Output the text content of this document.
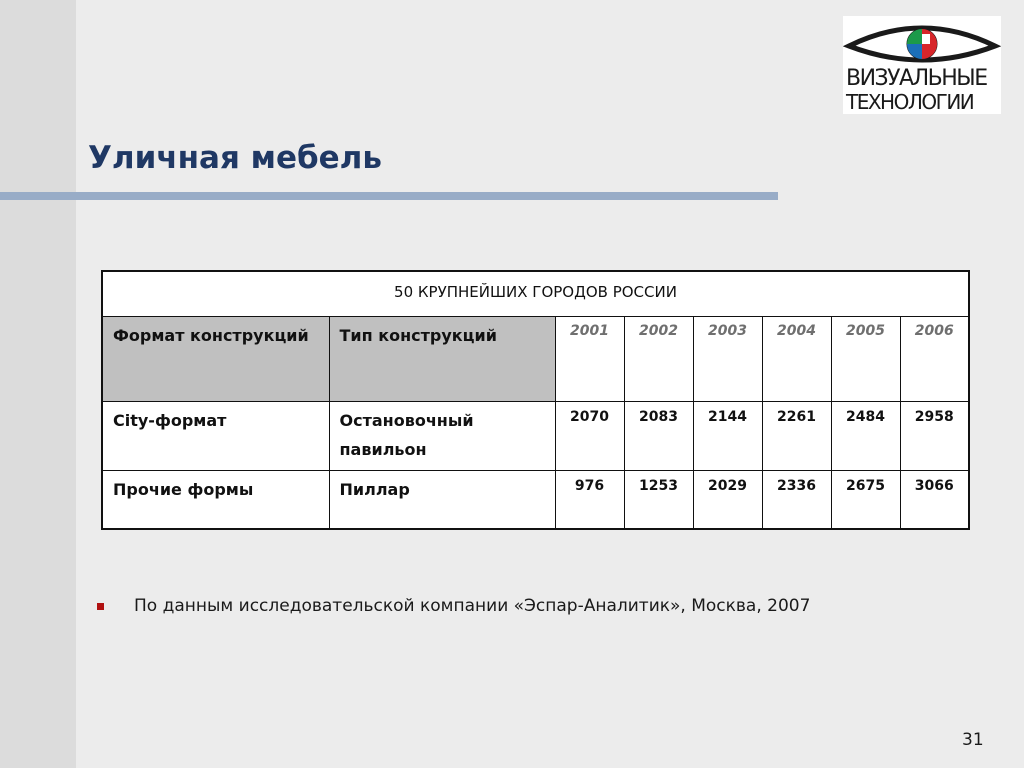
Уличная мебель
ВИЗУАЛЬНЫЕ
ТЕХНОЛОГИИ
50 КРУПНЕЙШИХ ГОРОДОВ РОССИИ							
Формат конструкций	Тип конструкций	2001	2002	2003	2004	2005	2006
City-формат	Остановочный павильон	2070	2083	2144	2261	2484	2958
Прочие формы	Пиллар	976	1253	2029	2336	2675	3066
По данным исследовательской компании «Эспар-Аналитик», Москва, 2007
31
